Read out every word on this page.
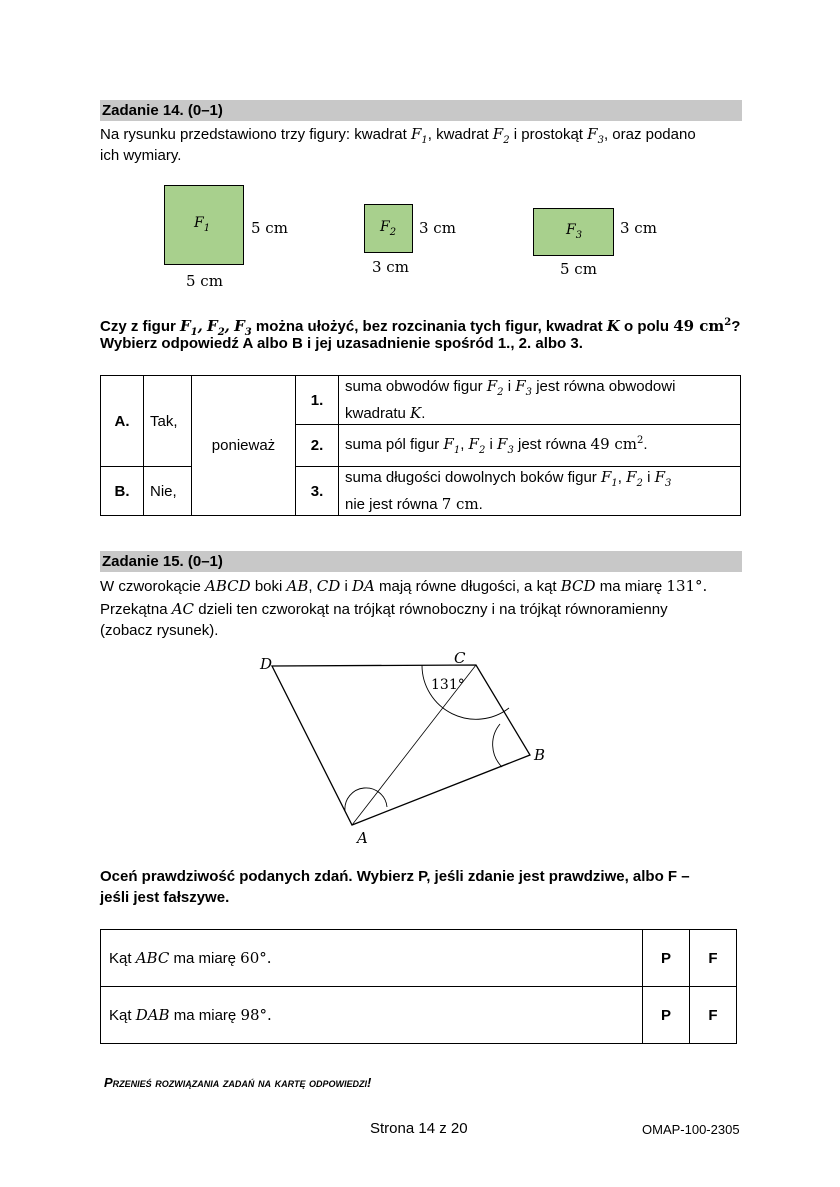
Zadanie 14. (0–1)
Na rysunku przedstawiono trzy figury: kwadrat $F_1$, kwadrat $F_2$ i prostokąt $F_3$, oraz podano
ich wymiary.
$F_1$	5 cm
5 cm
$F_2$ 3 cm
3 cm
$F_3$	3 cm
5 cm
Czy z figur $F_1$, $F_2$, $F_3$ można ułożyć, bez rozcinania tych figur, kwadrat K o polu 49 $cm^2$?
Wybierz odpowiedź A albo B i jej uzasadnienie spośród 1., 2. albo 3.
A.	Tak,	ponieważ	1.	suma obwodów figur $F_2$ i $F_3$ jest równa obwodowi
kwadratu K.
			2.	suma pól figur $F_1$, $F_2$ i $F_3$ jest równa 49 $cm^2$.
B.	Nie,			
			3.	suma długości dowolnych boków figur $F_1$, $F_2$ i $F_3$
nie jest równa 7 cm.
Zadanie 15. (0–1)
W czworokącie ABCD boki AB, CD i DA mają równe długości, a kąt BCD ma miarę 131°.
Przekątna AC dzieli ten czworokąt na trójkąt równoboczny i na trójkąt równoramienny
(zobacz rysunek).
D	C
B
A
131°
Oceń prawdziwość podanych zdań. Wybierz P, jeśli zdanie jest prawdziwe, albo F –
jeśli jest fałszywe.
Kąt ABC ma miarę 60°.	P	F
Kąt DAB ma miarę 98°.	P	F
Przenieś rozwiązania zadań na kartę odpowiedzi!
Strona 14 z 20	OMAP-100-2305
